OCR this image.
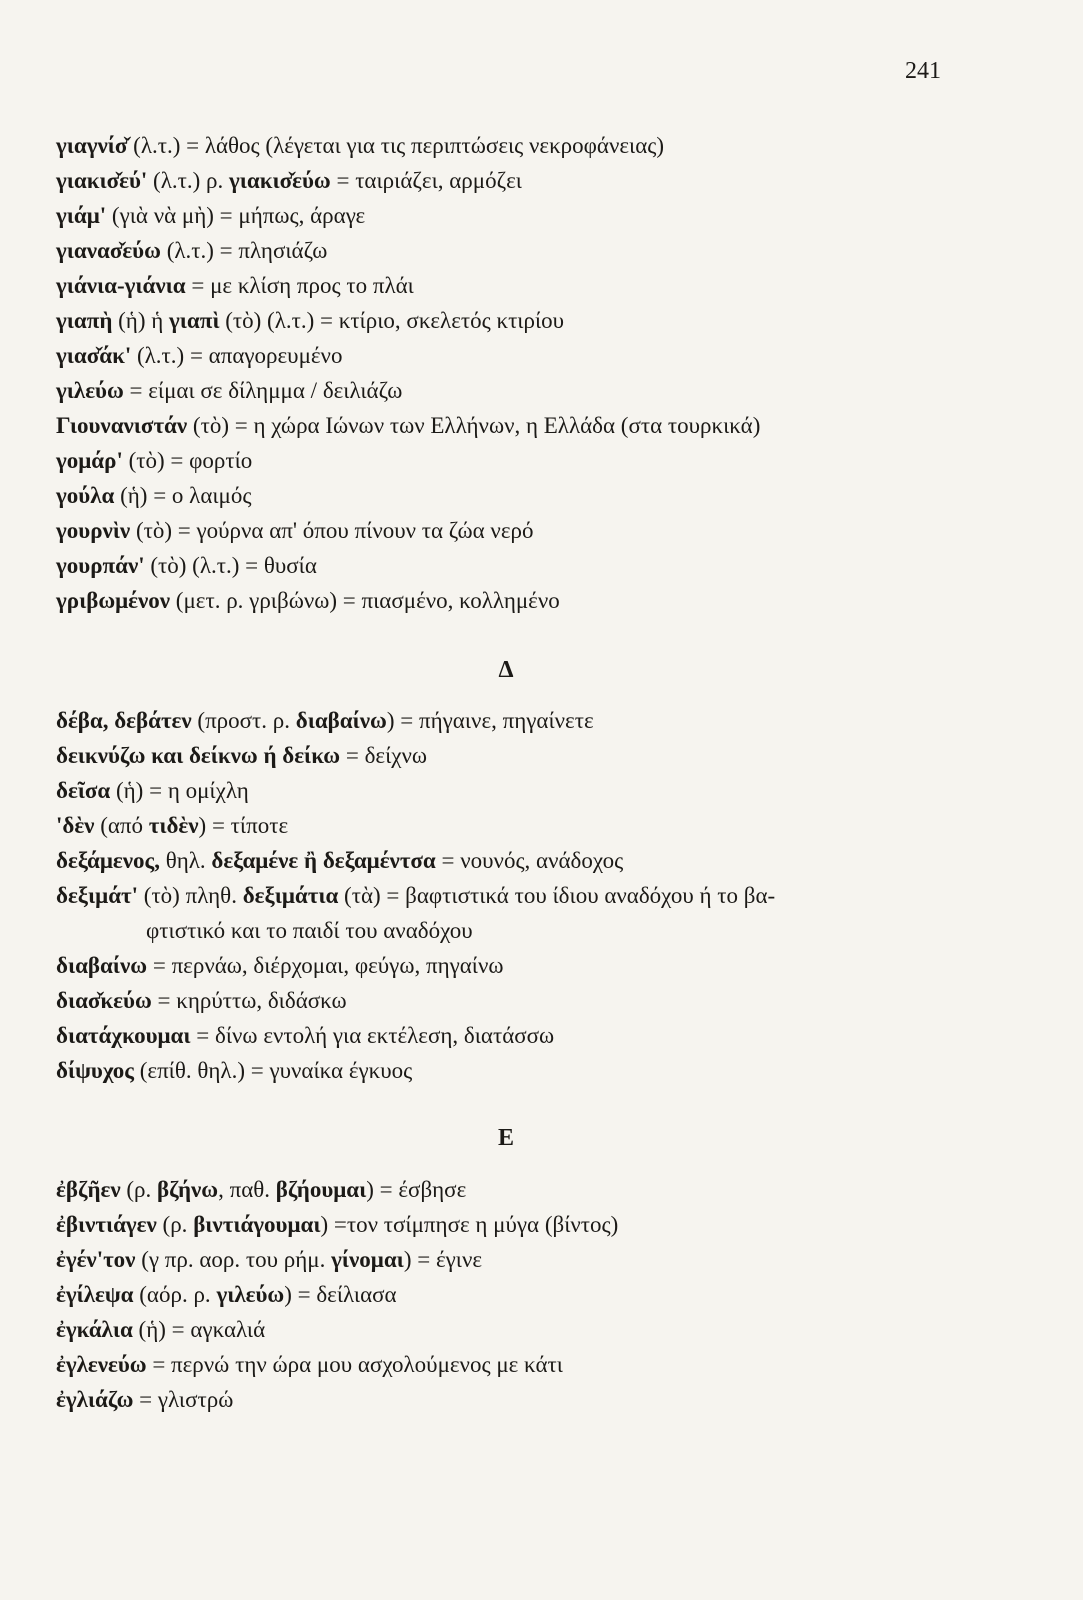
241
γιαγνίσ̌ (λ.τ.) = λάθος (λέγεται για τις περιπτώσεις νεκροφάνειας)
γιακισ̌εύ' (λ.τ.) ρ. γιακισ̌εύω = ταιριάζει, αρμόζει
γιάμ' (γιὰ νὰ μὴ) = μήπως, άραγε
γιανασ̌εύω (λ.τ.) = πλησιάζω
γιάνια-γιάνια = με κλίση προς το πλάι
γιαπὴ (ἡ) ἡ γιαπὶ (τὸ) (λ.τ.) = κτίριο, σκελετός κτιρίου
γιασ̌άκ' (λ.τ.) = απαγορευμένο
γιλεύω = είμαι σε δίλημμα / δειλιάζω
Γιουνανιστάν (τὸ) = η χώρα Ιώνων των Ελλήνων, η Ελλάδα (στα τουρκικά)
γομάρ' (τὸ) = φορτίο
γούλα (ἡ) = ο λαιμός
γουρνὶν (τὸ) = γούρνα απ' όπου πίνουν τα ζώα νερό
γουρπάν' (τὸ) (λ.τ.) = θυσία
γριβωμένον (μετ. ρ. γριβώνω) = πιασμένο, κολλημένο
Δ
δέβα, δεβάτεν (προστ. ρ. διαβαίνω) = πήγαινε, πηγαίνετε
δεικνύζω και δείκνω ή δείκω = δείχνω
δεῖσα (ἡ) = η ομίχλη
'δὲν (από τιδὲν) = τίποτε
δεξάμενος, θηλ. δεξαμένε ἢ δεξαμέντσα = νουνός, ανάδοχος
δεξιμάτ' (τὸ) πληθ. δεξιμάτια (τὰ) = βαφτιστικά του ίδιου αναδόχου ή το βα-
φτιστικό και το παιδί του αναδόχου
διαβαίνω = περνάω, διέρχομαι, φεύγω, πηγαίνω
διασ̌κεύω = κηρύττω, διδάσκω
διατάχκουμαι = δίνω εντολή για εκτέλεση, διατάσσω
δίψυχος (επίθ. θηλ.) = γυναίκα έγκυος
Ε
ἐβζῆεν (ρ. βζήνω, παθ. βζήουμαι) = έσβησε
ἐβιντιάγεν (ρ. βιντιάγουμαι) =τον τσίμπησε η μύγα (βίντος)
ἐγέν'τον (γ πρ. αορ. του ρήμ. γίνομαι) = έγινε
ἐγίλεψα (αόρ. ρ. γιλεύω) = δείλιασα
ἐγκάλια (ἡ) = αγκαλιά
ἐγλενεύω = περνώ την ώρα μου ασχολούμενος με κάτι
ἐγλιάζω = γλιστρώ
